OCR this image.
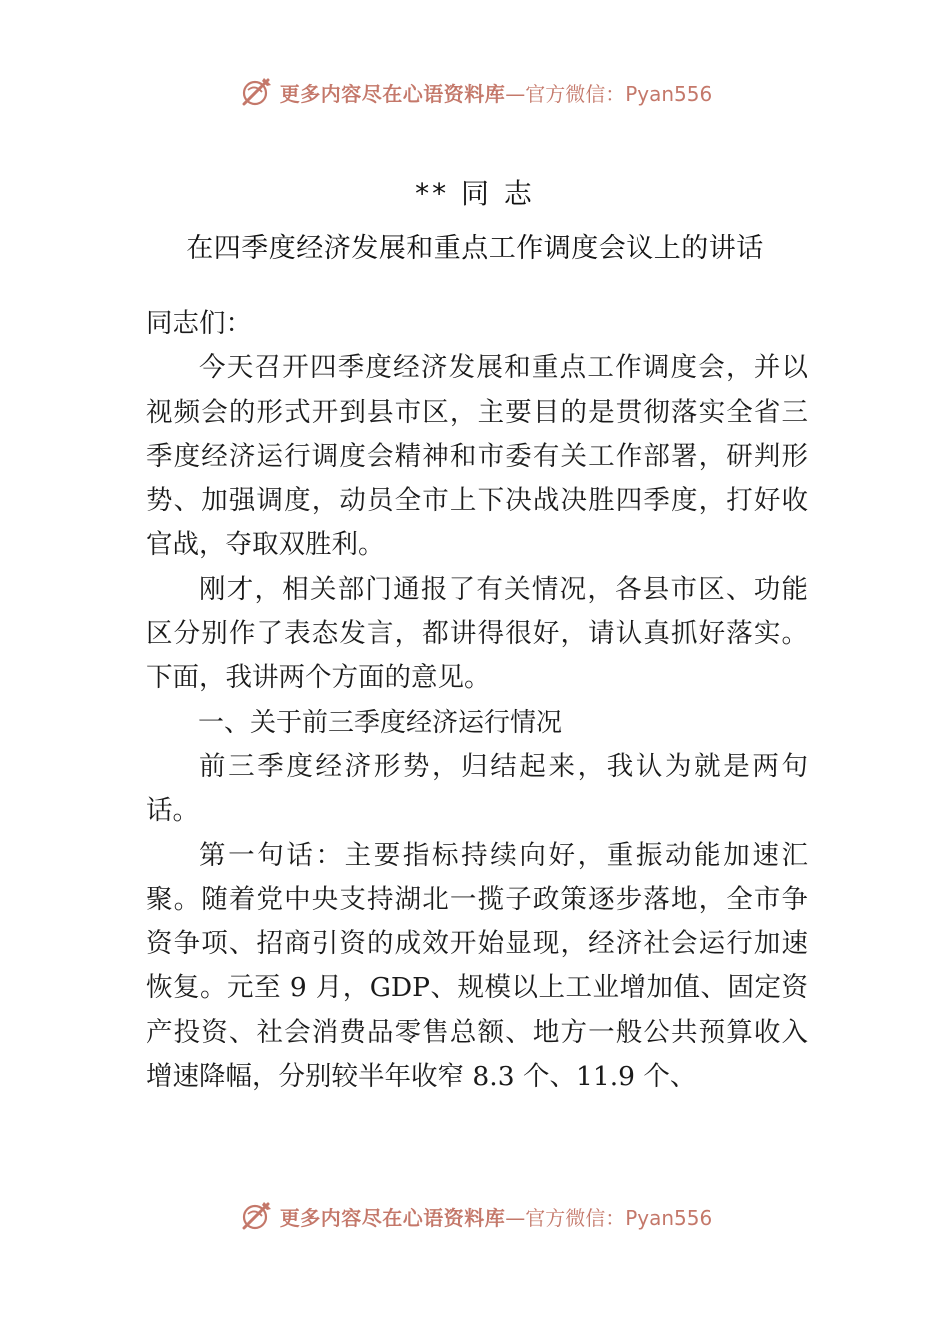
更多内容尽在心语资料库 —官方微信：Pyan556
** 同 志
在四季度经济发展和重点工作调度会议上的讲话

同志们：

今天召开四季度经济发展和重点工作调度会，并以视频会的形式开到县市区，主要目的是贯彻落实全省三季度经济运行调度会精神和市委有关工作部署，研判形势、加强调度，动员全市上下决战决胜四季度，打好收官战，夺取双胜利。

刚才，相关部门通报了有关情况，各县市区、功能区分别作了表态发言，都讲得很好，请认真抓好落实。下面，我讲两个方面的意见。

一、关于前三季度经济运行情况

前三季度经济形势，归结起来，我认为就是两句话。

第一句话：主要指标持续向好，重振动能加速汇聚。随着党中央支持湖北一揽子政策逐步落地，全市争资争项、招商引资的成效开始显现，经济社会运行加速恢复。元至 9 月，GDP、规模以上工业增加值、固定资产投资、社会消费品零售总额、地方一般公共预算收入增速降幅，分别较半年收窄 8.3 个、11.9 个、

更多内容尽在心语资料库 —官方微信：Pyan556
